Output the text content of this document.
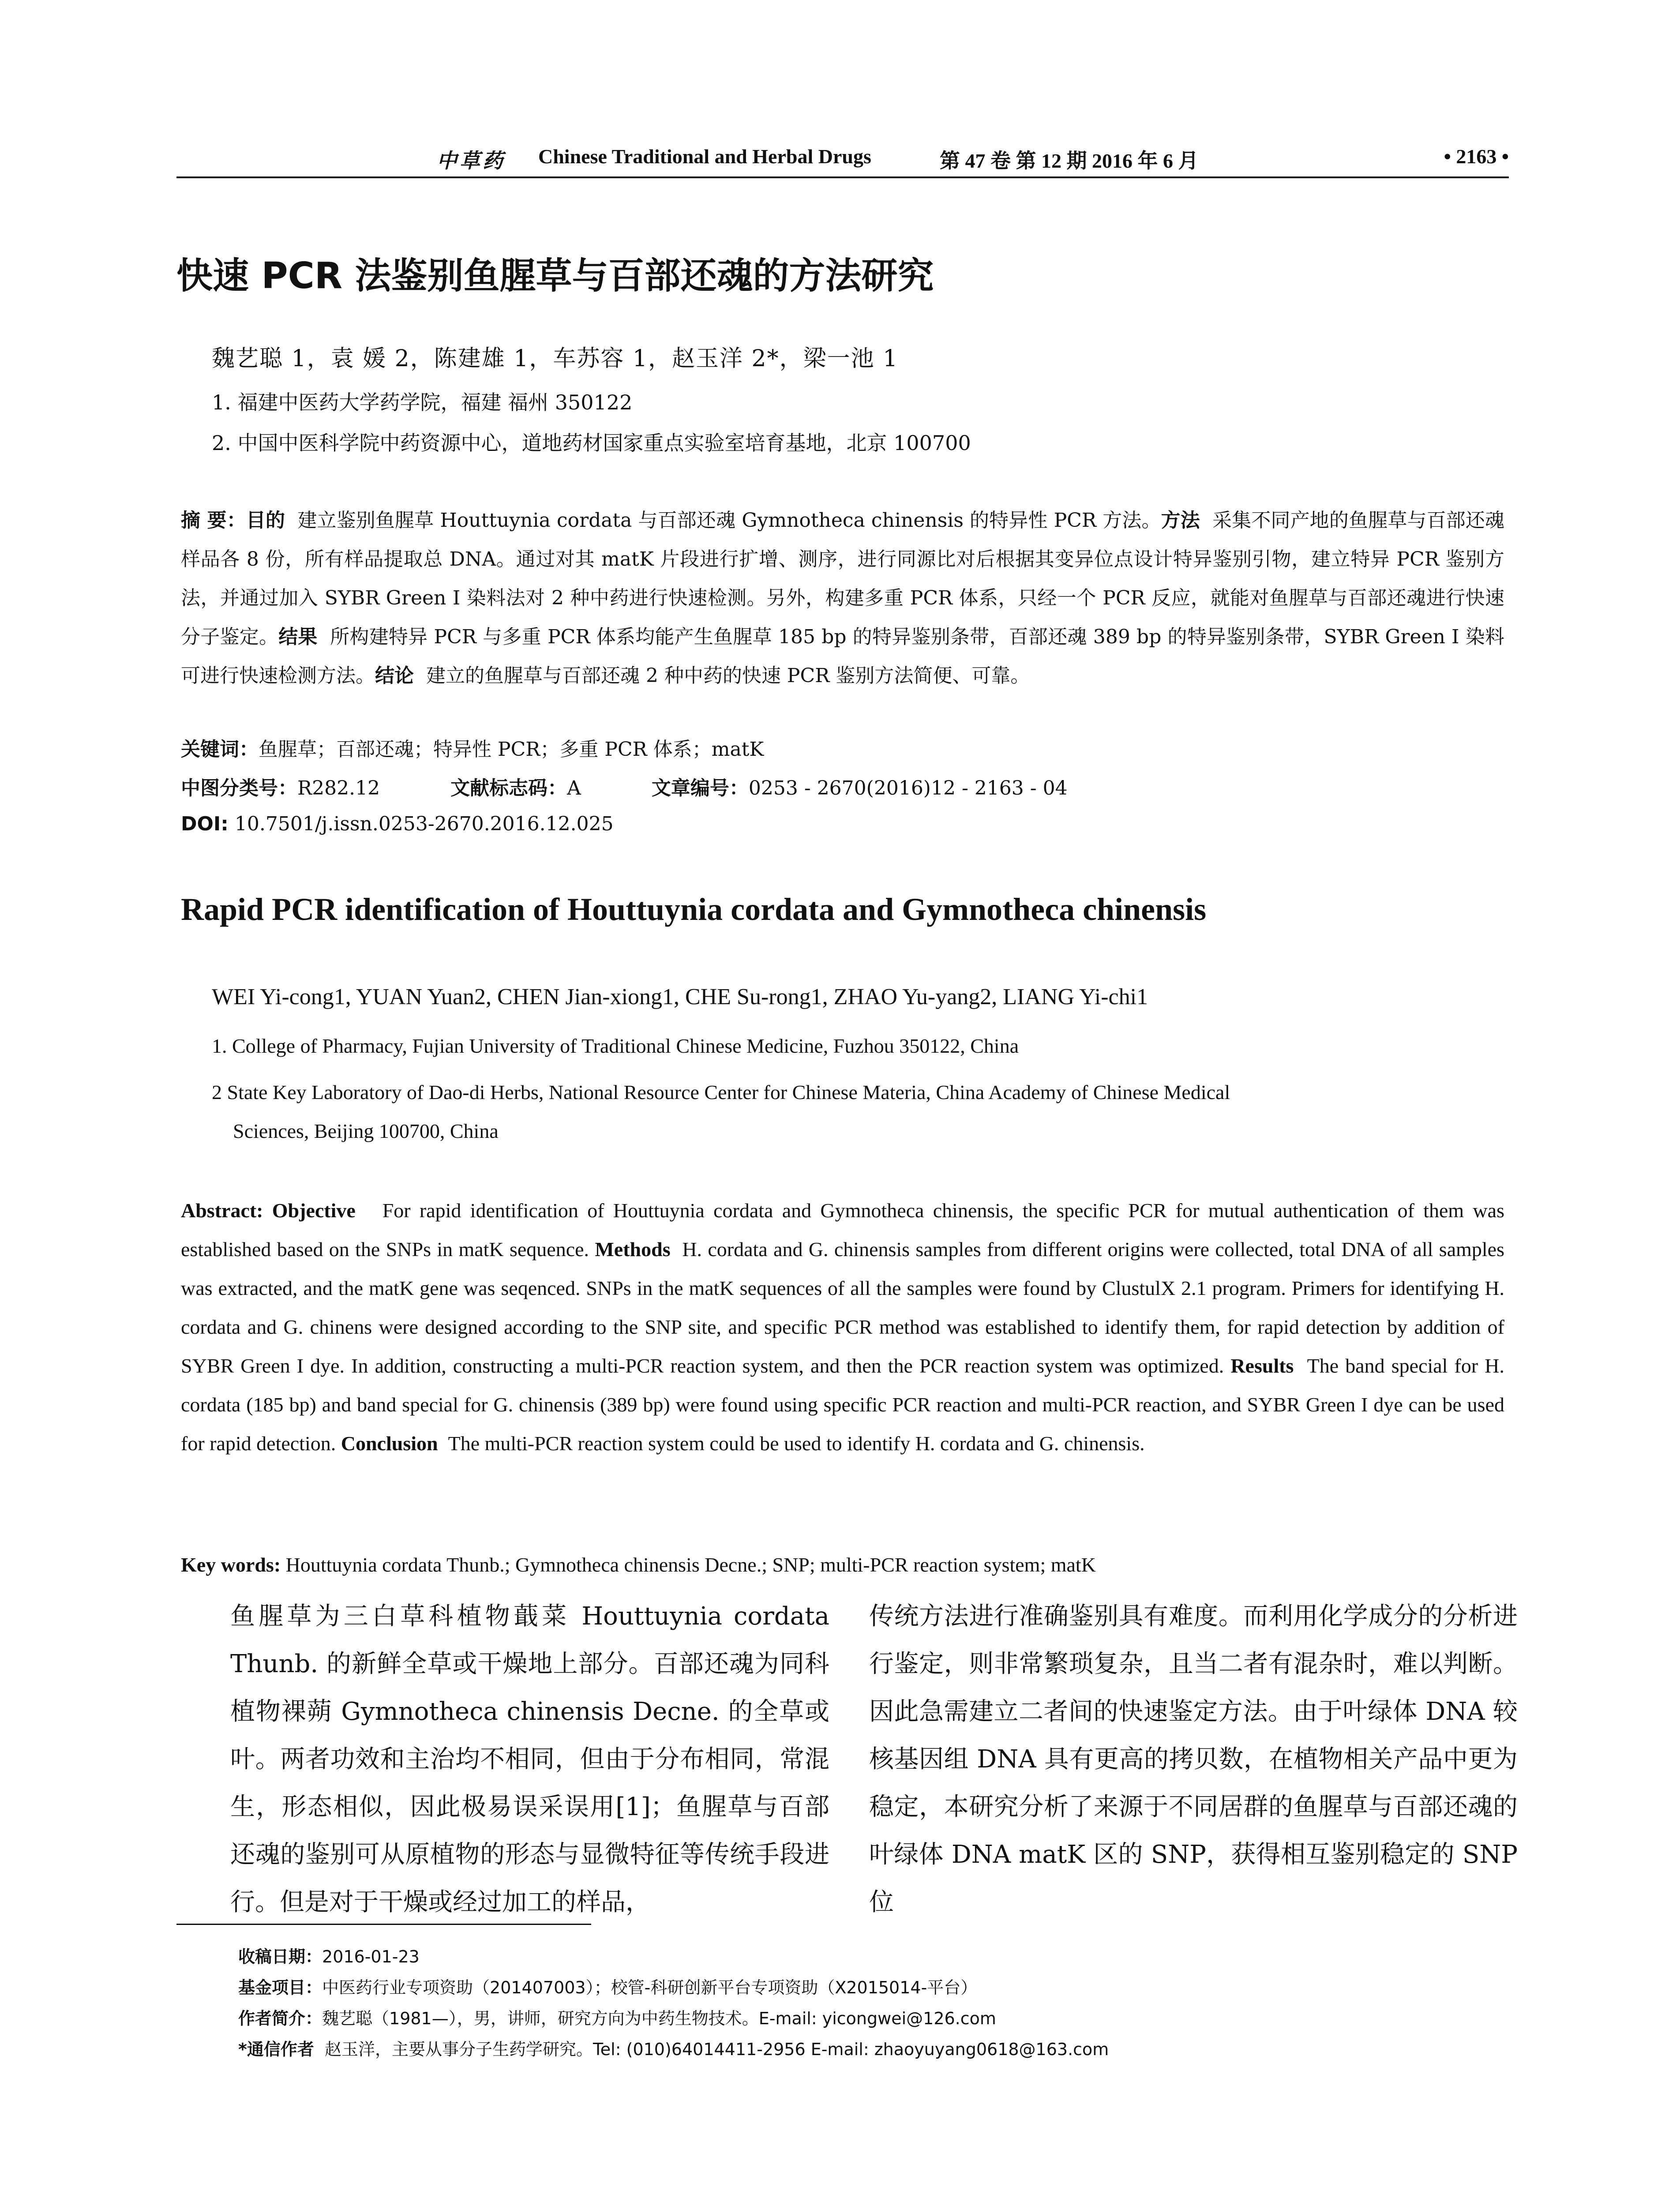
中草药 Chinese Traditional and Herbal Drugs	第 47 卷 第 12 期 2016 年 6 月	• 2163 •
快速 PCR 法鉴别鱼腥草与百部还魂的方法研究
魏艺聪 1，袁 媛 2，陈建雄 1，车苏容 1，赵玉洋 2*，梁一池 1
1. 福建中医药大学药学院，福建 福州 350122
2. 中国中医科学院中药资源中心，道地药材国家重点实验室培育基地，北京 100700
摘 要：目的 建立鉴别鱼腥草 Houttuynia cordata 与百部还魂 Gymnotheca chinensis 的特异性 PCR 方法。方法 采集不同产地的鱼腥草与百部还魂样品各 8 份，所有样品提取总 DNA。通过对其 matK 片段进行扩增、测序，进行同源比对后根据其变异位点设计特异鉴别引物，建立特异 PCR 鉴别方法，并通过加入 SYBR Green I 染料法对 2 种中药进行快速检测。另外，构建多重 PCR 体系，只经一个 PCR 反应，就能对鱼腥草与百部还魂进行快速分子鉴定。结果 所构建特异 PCR 与多重 PCR 体系均能产生鱼腥草 185 bp 的特异鉴别条带，百部还魂 389 bp 的特异鉴别条带，SYBR Green I 染料可进行快速检测方法。结论 建立的鱼腥草与百部还魂 2 种中药的快速 PCR 鉴别方法简便、可靠。
关键词：鱼腥草；百部还魂；特异性 PCR；多重 PCR 体系；matK
中图分类号：R282.12	文献标志码：A	文章编号：0253 - 2670(2016)12 - 2163 - 04
DOI: 10.7501/j.issn.0253-2670.2016.12.025
Rapid PCR identification of Houttuynia cordata and Gymnotheca chinensis
WEI Yi-cong1, YUAN Yuan2, CHEN Jian-xiong1, CHE Su-rong1, ZHAO Yu-yang2, LIANG Yi-chi1
1. College of Pharmacy, Fujian University of Traditional Chinese Medicine, Fuzhou 350122, China
2 State Key Laboratory of Dao-di Herbs, National Resource Center for Chinese Materia, China Academy of Chinese Medical
Sciences, Beijing 100700, China
Abstract: Objective For rapid identification of Houttuynia cordata and Gymnotheca chinensis, the specific PCR for mutual authentication of them was established based on the SNPs in matK sequence. Methods H. cordata and G. chinensis samples from different origins were collected, total DNA of all samples was extracted, and the matK gene was seqenced. SNPs in the matK sequences of all the samples were found by ClustulX 2.1 program. Primers for identifying H. cordata and G. chinens were designed according to the SNP site, and specific PCR method was established to identify them, for rapid detection by addition of SYBR Green I dye. In addition, constructing a multi-PCR reaction system, and then the PCR reaction system was optimized. Results The band special for H. cordata (185 bp) and band special for G. chinensis (389 bp) were found using specific PCR reaction and multi-PCR reaction, and SYBR Green I dye can be used for rapid detection. Conclusion The multi-PCR reaction system could be used to identify H. cordata and G. chinensis.
Key words: Houttuynia cordata Thunb.; Gymnotheca chinensis Decne.; SNP; multi-PCR reaction system; matK
鱼腥草为三白草科植物蕺菜 Houttuynia cordata Thunb. 的新鲜全草或干燥地上部分。百部还魂为同科植物裸蒴 Gymnotheca chinensis Decne. 的全草或叶。两者功效和主治均不相同，但由于分布相同，常混生，形态相似，因此极易误采误用[1]；鱼腥草与百部还魂的鉴别可从原植物的形态与显微特征等传统手段进行。但是对于干燥或经过加工的样品，
传统方法进行准确鉴别具有难度。而利用化学成分的分析进行鉴定，则非常繁琐复杂，且当二者有混杂时，难以判断。因此急需建立二者间的快速鉴定方法。由于叶绿体 DNA 较核基因组 DNA 具有更高的拷贝数，在植物相关产品中更为稳定，本研究分析了来源于不同居群的鱼腥草与百部还魂的叶绿体 DNA matK 区的 SNP，获得相互鉴别稳定的 SNP 位
收稿日期：2016-01-23
基金项目：中医药行业专项资助（201407003）；校管-科研创新平台专项资助（X2015014-平台）
作者简介：魏艺聪（1981—），男，讲师，研究方向为中药生物技术。E-mail: yicongwei@126.com
*通信作者 赵玉洋，主要从事分子生药学研究。Tel: (010)64014411-2956 E-mail: zhaoyuyang0618@163.com
